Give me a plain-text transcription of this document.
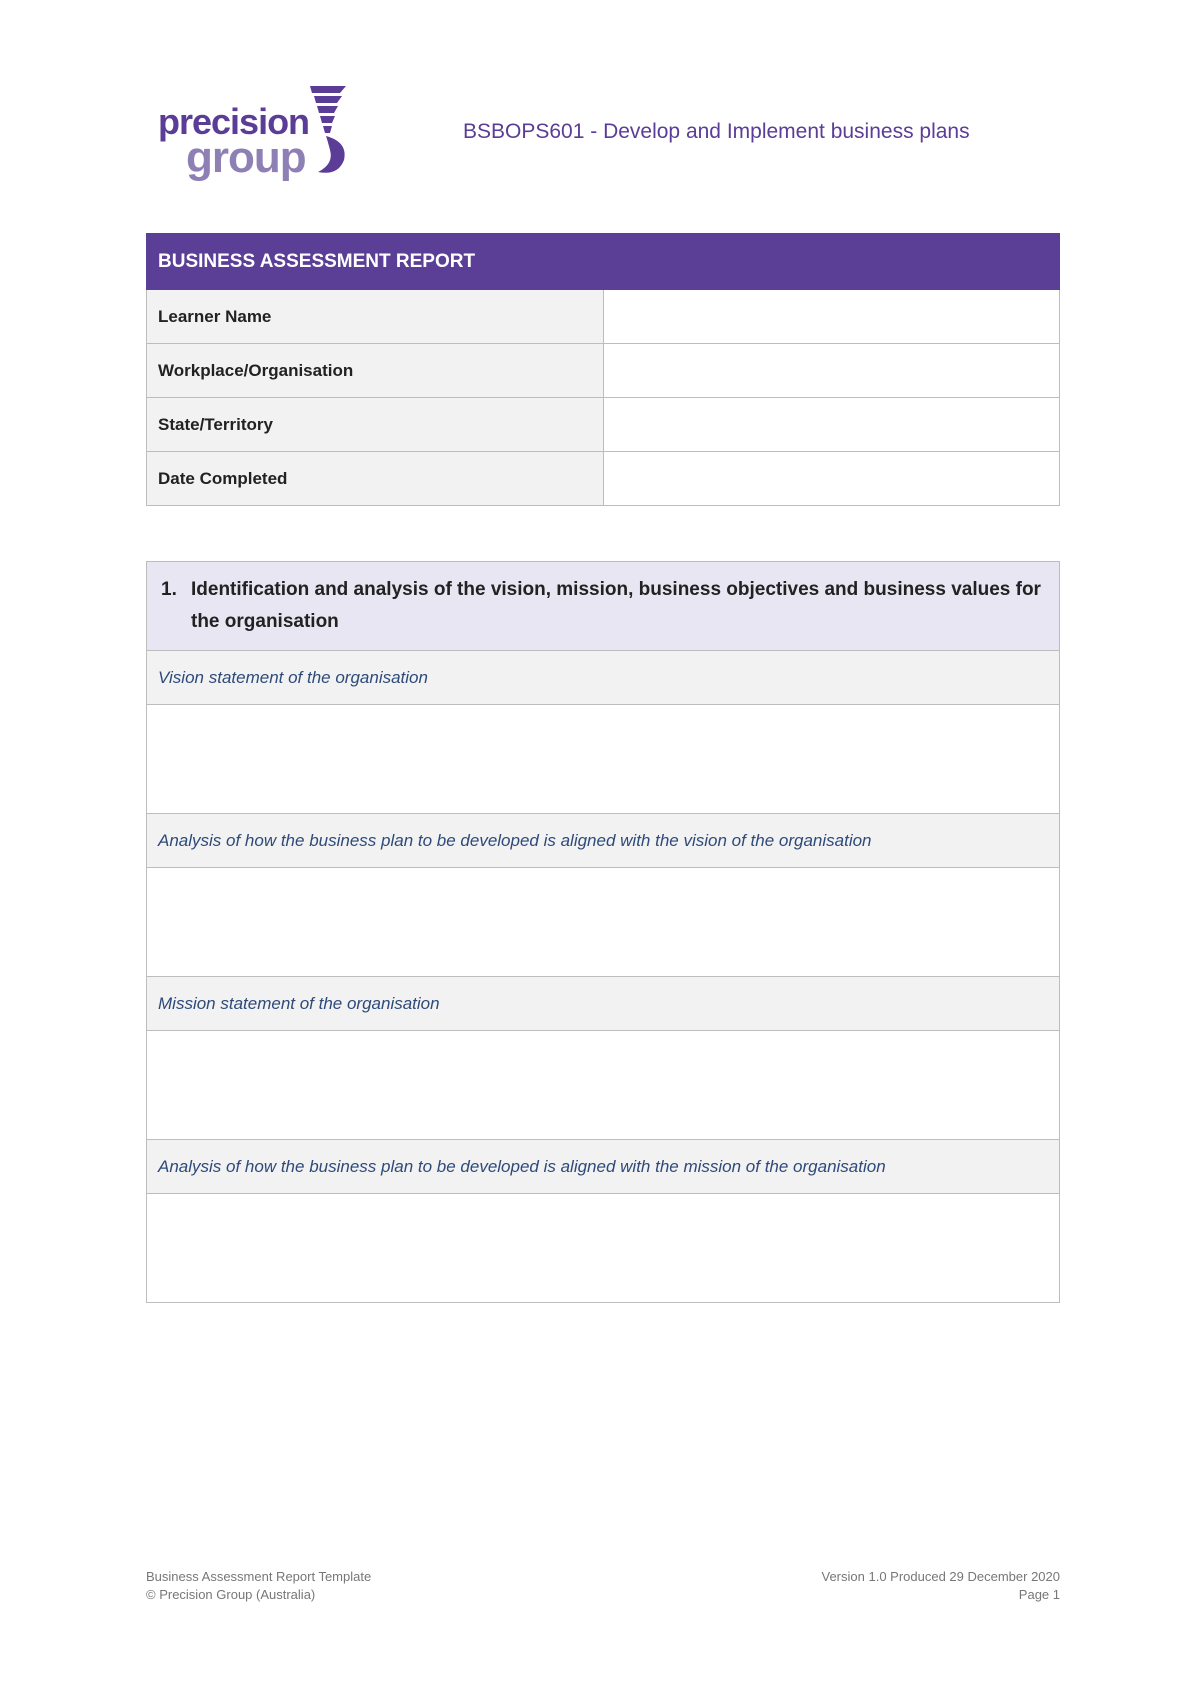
precision
group
BSBOPS601 - Develop and Implement business plans
BUSINESS ASSESSMENT REPORT	
Learner Name	
Workplace/Organisation	
State/Territory	
Date Completed	
1. Identification and analysis of the vision, mission, business objectives and business values for the organisation

Vision statement of the organisation

Analysis of how the business plan to be developed is aligned with the vision of the organisation

Mission statement of the organisation

Analysis of how the business plan to be developed is aligned with the mission of the organisation

Business Assessment Report Template
© Precision Group (Australia)
Version 1.0 Produced 29 December 2020
Page 1
